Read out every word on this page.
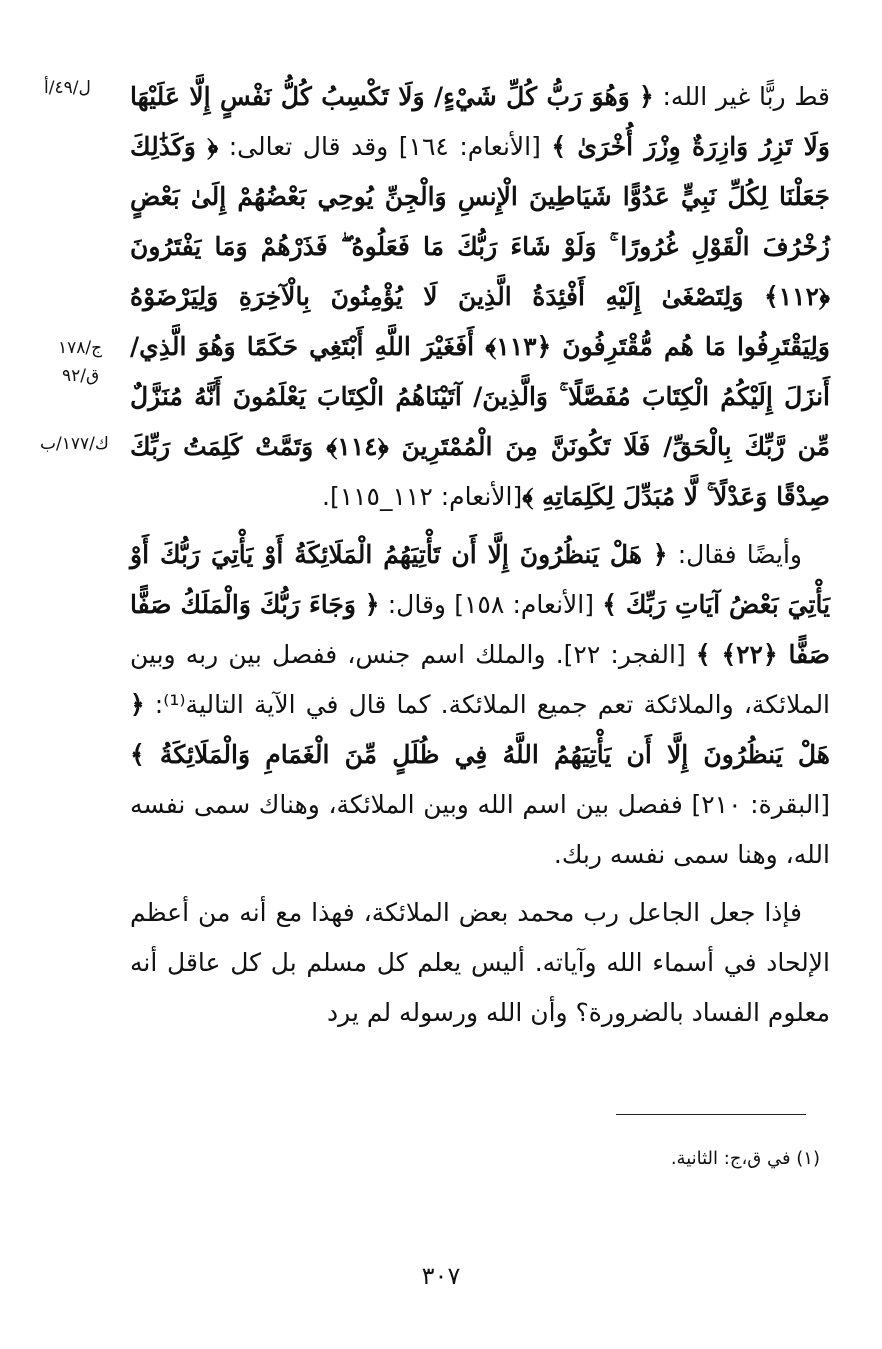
ل/٤٩/أ
ج/١٧٨
ق/٩٢
ك/١٧٧/ب

قط ربًّا غير الله: ﴿ وَهُوَ رَبُّ كُلِّ شَيْءٍ/ وَلَا تَكْسِبُ كُلُّ نَفْسٍ إِلَّا عَلَيْهَا وَلَا تَزِرُ وَازِرَةٌ وِزْرَ أُخْرَىٰ ﴾ [الأنعام: ١٦٤] وقد قال تعالى: ﴿ وَكَذَٰلِكَ جَعَلْنَا لِكُلِّ نَبِيٍّ عَدُوًّا شَيَاطِينَ الْإِنسِ وَالْجِنِّ يُوحِي بَعْضُهُمْ إِلَىٰ بَعْضٍ زُخْرُفَ الْقَوْلِ غُرُورًا ۚ وَلَوْ شَاءَ رَبُّكَ مَا فَعَلُوهُ ۖ فَذَرْهُمْ وَمَا يَفْتَرُونَ ﴿١١٢﴾ وَلِتَصْغَىٰ إِلَيْهِ أَفْئِدَةُ الَّذِينَ لَا يُؤْمِنُونَ بِالْآخِرَةِ وَلِيَرْضَوْهُ وَلِيَقْتَرِفُوا مَا هُم مُّقْتَرِفُونَ ﴿١١٣﴾ أَفَغَيْرَ اللَّهِ أَبْتَغِي حَكَمًا وَهُوَ الَّذِي/ أَنزَلَ إِلَيْكُمُ الْكِتَابَ مُفَصَّلًا ۚ وَالَّذِينَ/ آتَيْنَاهُمُ الْكِتَابَ يَعْلَمُونَ أَنَّهُ مُنَزَّلٌ مِّن رَّبِّكَ بِالْحَقِّ/ فَلَا تَكُونَنَّ مِنَ الْمُمْتَرِينَ ﴿١١٤﴾ وَتَمَّتْ كَلِمَتُ رَبِّكَ صِدْقًا وَعَدْلًا ۚ لَّا مُبَدِّلَ لِكَلِمَاتِهِ ﴾[الأنعام: ١١٢_١١٥].

وأيضًا فقال: ﴿ هَلْ يَنظُرُونَ إِلَّا أَن تَأْتِيَهُمُ الْمَلَائِكَةُ أَوْ يَأْتِيَ رَبُّكَ أَوْ يَأْتِيَ بَعْضُ آيَاتِ رَبِّكَ ﴾ [الأنعام: ١٥٨] وقال: ﴿ وَجَاءَ رَبُّكَ وَالْمَلَكُ صَفًّا صَفًّا ﴿٢٢﴾ ﴾ [الفجر: ٢٢]. والملك اسم جنس، ففصل بين ربه وبين الملائكة، والملائكة تعم جميع الملائكة. كما قال في الآية التالية⁽¹⁾: ﴿ هَلْ يَنظُرُونَ إِلَّا أَن يَأْتِيَهُمُ اللَّهُ فِي ظُلَلٍ مِّنَ الْغَمَامِ وَالْمَلَائِكَةُ ﴾ [البقرة: ٢١٠] ففصل بين اسم الله وبين الملائكة، وهناك سمى نفسه الله، وهنا سمى نفسه ربك.

فإذا جعل الجاعل رب محمد بعض الملائكة، فهذا مع أنه من أعظم الإلحاد في أسماء الله وآياته. أليس يعلم كل مسلم بل كل عاقل أنه معلوم الفساد بالضرورة؟ وأن الله ورسوله لم يرد

(١) في ق،ج: الثانية.
٣٠٧
